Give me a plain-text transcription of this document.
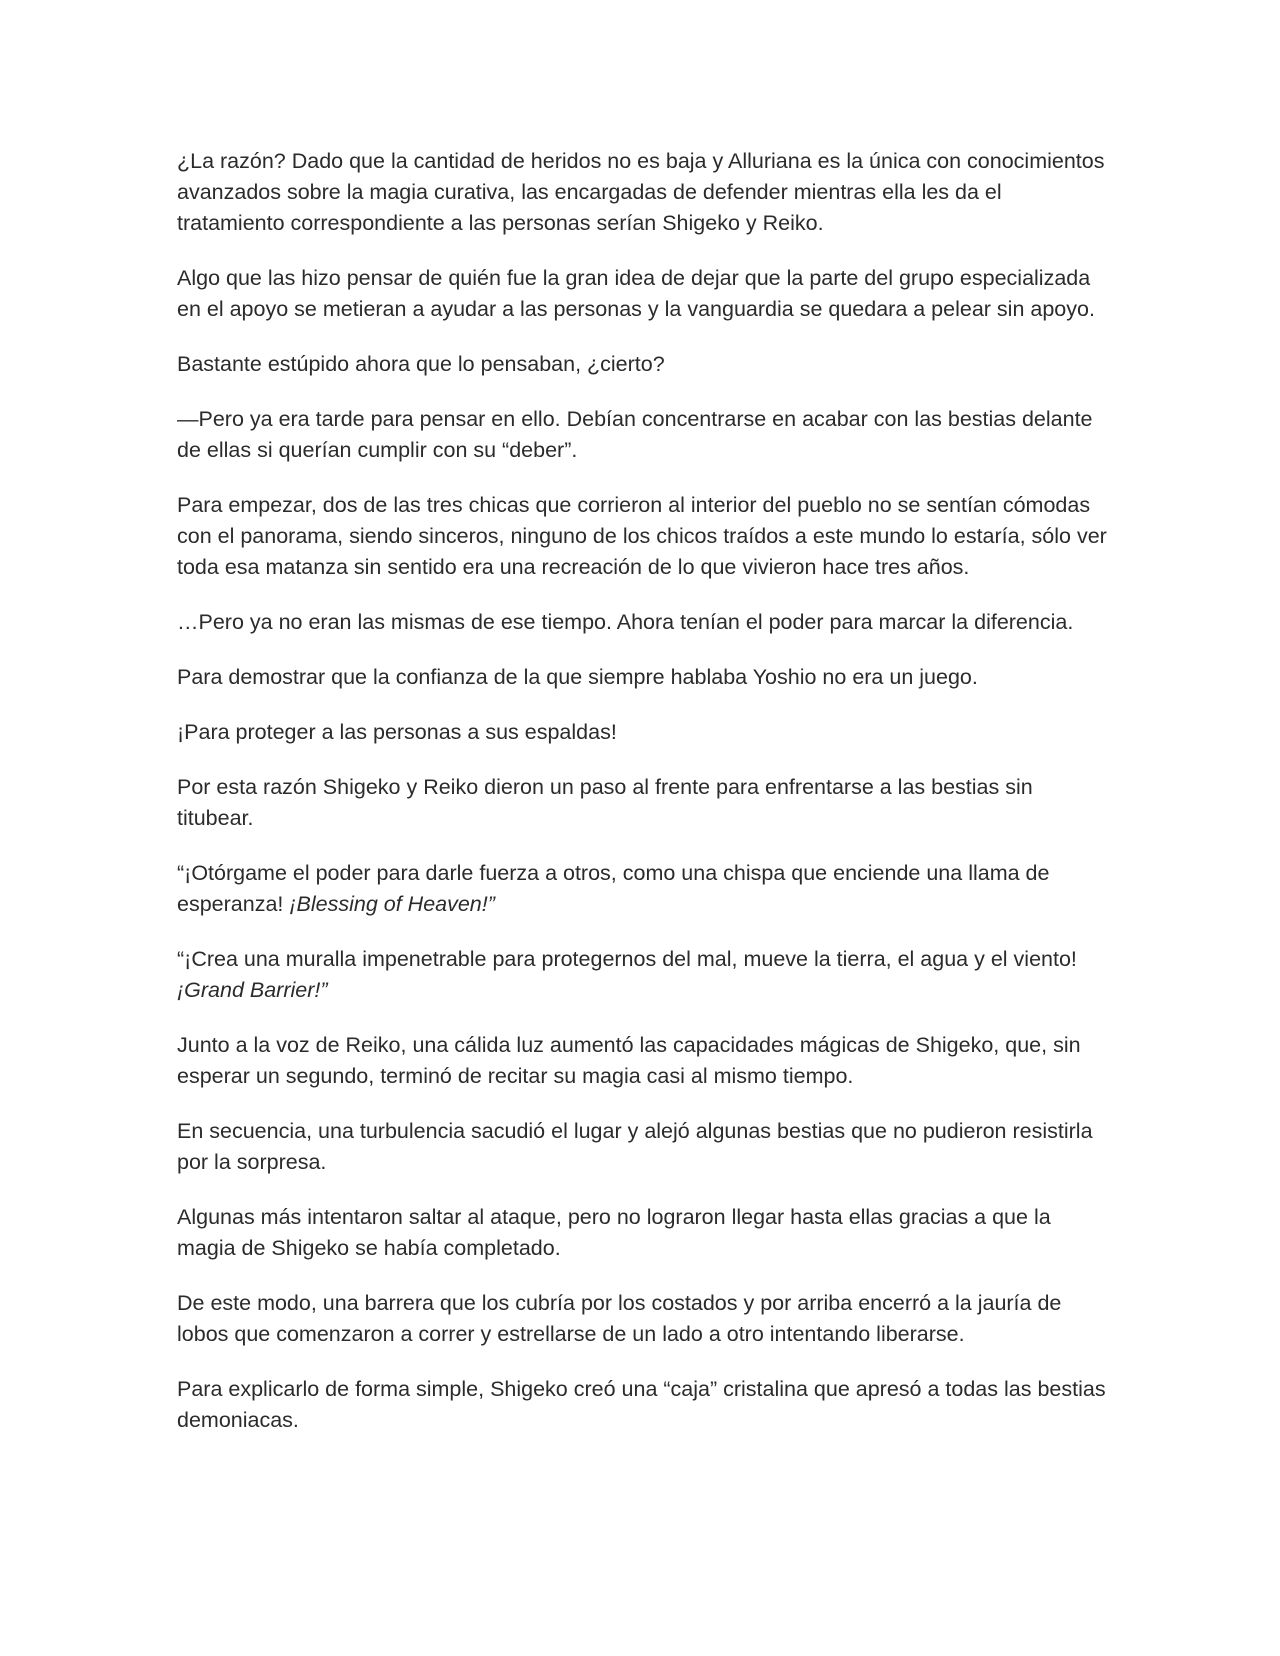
¿La razón? Dado que la cantidad de heridos no es baja y Alluriana es la única con conocimientos avanzados sobre la magia curativa, las encargadas de defender mientras ella les da el tratamiento correspondiente a las personas serían Shigeko y Reiko.

Algo que las hizo pensar de quién fue la gran idea de dejar que la parte del grupo especializada en el apoyo se metieran a ayudar a las personas y la vanguardia se quedara a pelear sin apoyo.

Bastante estúpido ahora que lo pensaban, ¿cierto?

—Pero ya era tarde para pensar en ello. Debían concentrarse en acabar con las bestias delante de ellas si querían cumplir con su “deber”.

Para empezar, dos de las tres chicas que corrieron al interior del pueblo no se sentían cómodas con el panorama, siendo sinceros, ninguno de los chicos traídos a este mundo lo estaría, sólo ver toda esa matanza sin sentido era una recreación de lo que vivieron hace tres años.

…Pero ya no eran las mismas de ese tiempo. Ahora tenían el poder para marcar la diferencia.

Para demostrar que la confianza de la que siempre hablaba Yoshio no era un juego.

¡Para proteger a las personas a sus espaldas!

Por esta razón Shigeko y Reiko dieron un paso al frente para enfrentarse a las bestias sin titubear.

“¡Otórgame el poder para darle fuerza a otros, como una chispa que enciende una llama de esperanza! ¡Blessing of Heaven!”

“¡Crea una muralla impenetrable para protegernos del mal, mueve la tierra, el agua y el viento! ¡Grand Barrier!”

Junto a la voz de Reiko, una cálida luz aumentó las capacidades mágicas de Shigeko, que, sin esperar un segundo, terminó de recitar su magia casi al mismo tiempo.

En secuencia, una turbulencia sacudió el lugar y alejó algunas bestias que no pudieron resistirla por la sorpresa.

Algunas más intentaron saltar al ataque, pero no lograron llegar hasta ellas gracias a que la magia de Shigeko se había completado.

De este modo, una barrera que los cubría por los costados y por arriba encerró a la jauría de lobos que comenzaron a correr y estrellarse de un lado a otro intentando liberarse.

Para explicarlo de forma simple, Shigeko creó una “caja” cristalina que apresó a todas las bestias demoniacas.
